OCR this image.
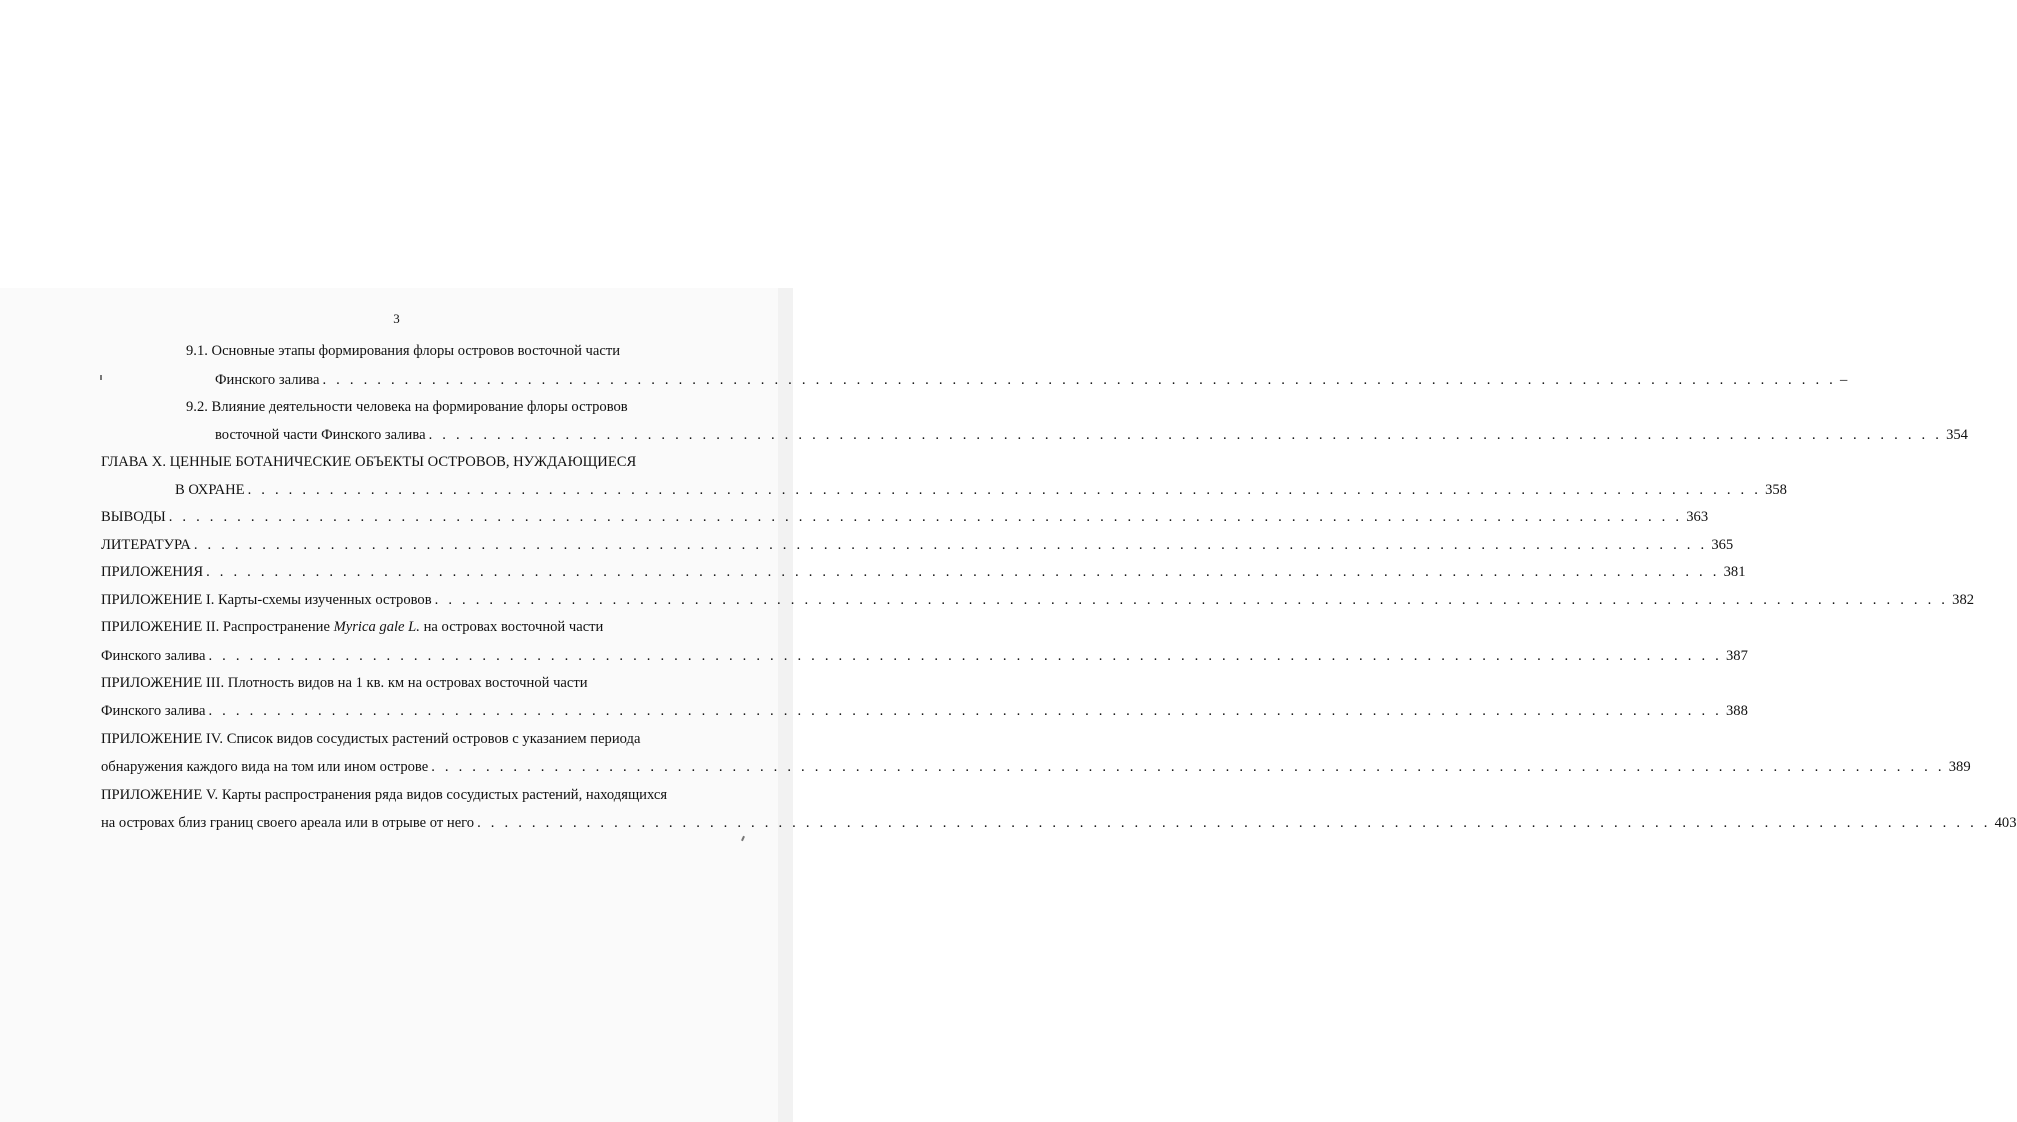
3
9.1. Основные этапы формирования флоры островов восточной части
Финского залива . . . . . . . . . . . . . . . . . . . . . . . . . . . . . . . . . . . . . . . . . . . . . . . . . . . . . . . . . . . . . . . . . . . . . . . . . . . . . . . . . . . . . . . . . . . . . . . . . . . . . . . . . . . . . . . –
9.2. Влияние деятельности человека на формирование флоры островов
восточной части Финского залива . . . . . . . . . . . . . . . . . . . . . . . . . . . . . . . . . . . . . . . . . . . . . . . . . . . . . . . . . . . . . . . . . . . . . . . . . . . . . . . . . . . . . . . . . . . . . . . . . . . . . . . . . . . . . . . 354
ГЛАВА X. ЦЕННЫЕ БОТАНИЧЕСКИЕ ОБЪЕКТЫ ОСТРОВОВ, НУЖДАЮЩИЕСЯ
В ОХРАНЕ . . . . . . . . . . . . . . . . . . . . . . . . . . . . . . . . . . . . . . . . . . . . . . . . . . . . . . . . . . . . . . . . . . . . . . . . . . . . . . . . . . . . . . . . . . . . . . . . . . . . . . . . . . . . . . . 358
ВЫВОДЫ . . . . . . . . . . . . . . . . . . . . . . . . . . . . . . . . . . . . . . . . . . . . . . . . . . . . . . . . . . . . . . . . . . . . . . . . . . . . . . . . . . . . . . . . . . . . . . . . . . . . . . . . . . . . . . . 363
ЛИТЕРАТУРА . . . . . . . . . . . . . . . . . . . . . . . . . . . . . . . . . . . . . . . . . . . . . . . . . . . . . . . . . . . . . . . . . . . . . . . . . . . . . . . . . . . . . . . . . . . . . . . . . . . . . . . . . . . . . . . 365
ПРИЛОЖЕНИЯ . . . . . . . . . . . . . . . . . . . . . . . . . . . . . . . . . . . . . . . . . . . . . . . . . . . . . . . . . . . . . . . . . . . . . . . . . . . . . . . . . . . . . . . . . . . . . . . . . . . . . . . . . . . . . . . 381
ПРИЛОЖЕНИЕ I. Карты-схемы изученных островов . . . . . . . . . . . . . . . . . . . . . . . . . . . . . . . . . . . . . . . . . . . . . . . . . . . . . . . . . . . . . . . . . . . . . . . . . . . . . . . . . . . . . . . . . . . . . . . . . . . . . . . . . . . . . . . 382
ПРИЛОЖЕНИЕ II. Распространение Myrica gale L. на островах восточной части
Финского залива . . . . . . . . . . . . . . . . . . . . . . . . . . . . . . . . . . . . . . . . . . . . . . . . . . . . . . . . . . . . . . . . . . . . . . . . . . . . . . . . . . . . . . . . . . . . . . . . . . . . . . . . . . . . . . . 387
ПРИЛОЖЕНИЕ III. Плотность видов на 1 кв. км на островах восточной части
Финского залива . . . . . . . . . . . . . . . . . . . . . . . . . . . . . . . . . . . . . . . . . . . . . . . . . . . . . . . . . . . . . . . . . . . . . . . . . . . . . . . . . . . . . . . . . . . . . . . . . . . . . . . . . . . . . . . 388
ПРИЛОЖЕНИЕ IV. Список видов сосудистых растений островов с указанием периода
обнаружения каждого вида на том или ином острове . . . . . . . . . . . . . . . . . . . . . . . . . . . . . . . . . . . . . . . . . . . . . . . . . . . . . . . . . . . . . . . . . . . . . . . . . . . . . . . . . . . . . . . . . . . . . . . . . . . . . . . . . . . . . . . 389
ПРИЛОЖЕНИЕ V. Карты распространения ряда видов сосудистых растений, находящихся
на островах близ границ своего ареала или в отрыве от него . . . . . . . . . . . . . . . . . . . . . . . . . . . . . . . . . . . . . . . . . . . . . . . . . . . . . . . . . . . . . . . . . . . . . . . . . . . . . . . . . . . . . . . . . . . . . . . . . . . . . . . . . . . . . . . 403
